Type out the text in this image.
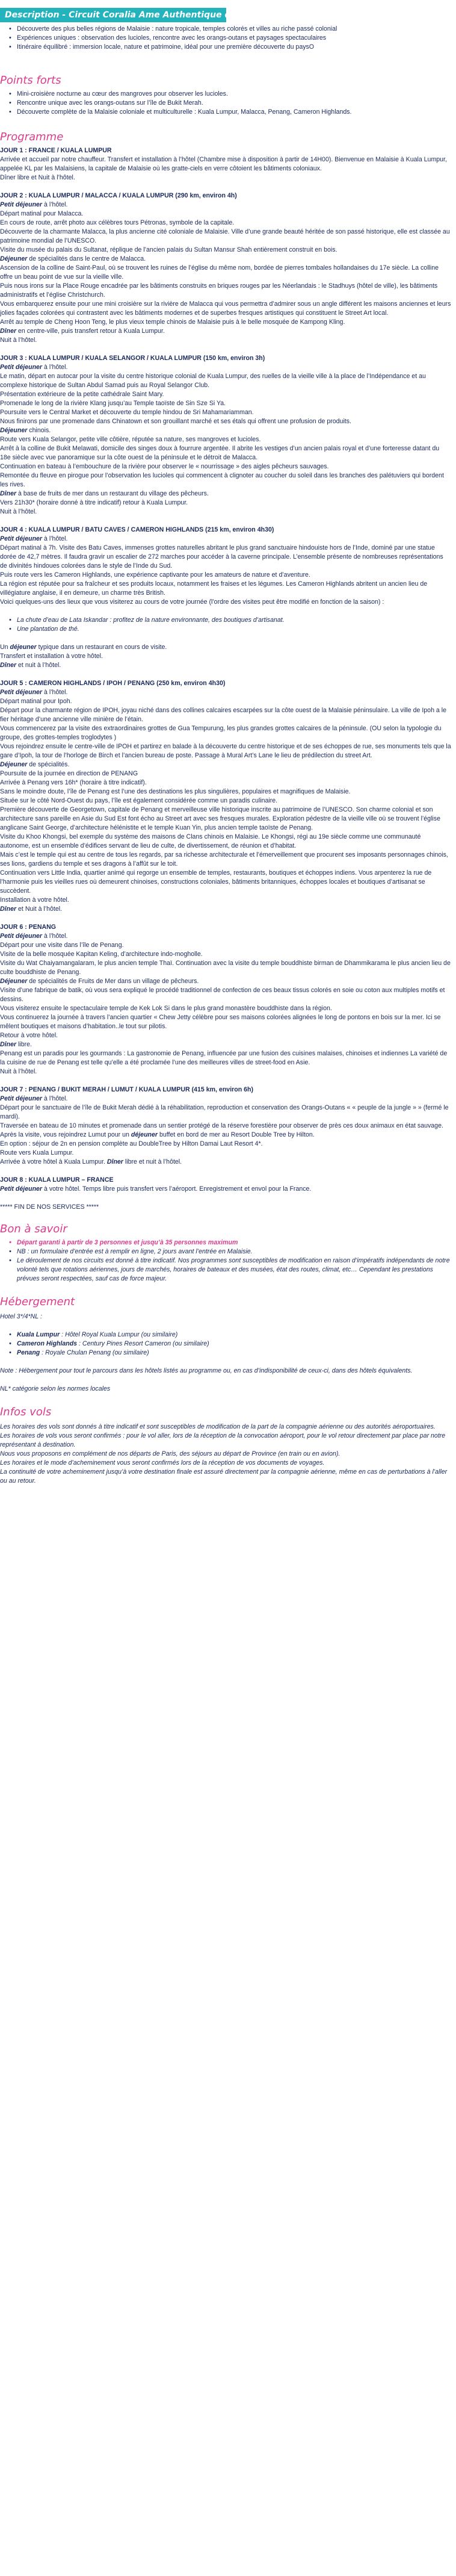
Description - Circuit Coralia Ame Authentique de la Malaisie
• Découverte des plus belles régions de Malaisie : nature tropicale, temples colorés et villes au riche passé colonial
• Expériences uniques : observation des lucioles, rencontre avec les orangs-outans et paysages spectaculaires
• Itinéraire équilibré : immersion locale, nature et patrimoine, idéal pour une première découverte du paysO
Points forts
• Mini-croisière nocturne au cœur des mangroves pour observer les lucioles.
• Rencontre unique avec les orangs-outans sur l’île de Bukit Merah.
• Découverte complète de la Malaisie coloniale et multiculturelle : Kuala Lumpur, Malacca, Penang, Cameron Highlands.
Programme

JOUR 1 : FRANCE / KUALA LUMPUR

Arrivée et accueil par notre chauffeur. Transfert et installation à l’hôtel (Chambre mise à disposition à partir de 14H00). Bienvenue en Malaisie à Kuala Lumpur, appelée KL par les Malaisiens, la capitale de Malaisie où les gratte-ciels en verre côtoient les bâtiments coloniaux.

Dîner libre et Nuit à l’hôtel.

JOUR 2 : KUALA LUMPUR / MALACCA / KUALA LUMPUR (290 km, environ 4h)

Petit déjeuner à l’hôtel.

Départ matinal pour Malacca.

En cours de route, arrêt photo aux célèbres tours Pétronas, symbole de la capitale.

Découverte de la charmante Malacca, la plus ancienne cité coloniale de Malaisie. Ville d’une grande beauté héritée de son passé historique, elle est classée au patrimoine mondial de l’UNESCO.

Visite du musée du palais du Sultanat, réplique de l’ancien palais du Sultan Mansur Shah entièrement construit en bois.

Déjeuner de spécialités dans le centre de Malacca.

Ascension de la colline de Saint-Paul, où se trouvent les ruines de l’église du même nom, bordée de pierres tombales hollandaises du 17e siècle. La colline offre un beau point de vue sur la vieille ville.

Puis nous irons sur la Place Rouge encadrée par les bâtiments construits en briques rouges par les Néerlandais : le Stadhuys (hôtel de ville), les bâtiments administratifs et l’église Christchurch.

Vous embarquerez ensuite pour une mini croisière sur la rivière de Malacca qui vous permettra d’admirer sous un angle différent les maisons anciennes et leurs jolies façades colorées qui contrastent avec les bâtiments modernes et de superbes fresques artistiques qui constituent le Street Art local.

Arrêt au temple de Cheng Hoon Teng, le plus vieux temple chinois de Malaisie puis à le belle mosquée de Kampong Kling.

Dîner en centre-ville, puis transfert retour à Kuala Lumpur.

Nuit à l’hôtel.

JOUR 3 : KUALA LUMPUR / KUALA SELANGOR / KUALA LUMPUR (150 km, environ 3h)

Petit déjeuner à l’hôtel.

Le matin, départ en autocar pour la visite du centre historique colonial de Kuala Lumpur, des ruelles de la vieille ville à la place de l’Indépendance et au complexe historique de Sultan Abdul Samad puis au Royal Selangor Club.

Présentation extérieure de la petite cathédrale Saint Mary.

Promenade le long de la rivière Klang jusqu’au Temple taoïste de Sin Sze Si Ya.

Poursuite vers le Central Market et découverte du temple hindou de Sri Mahamariamman.

Nous finirons par une promenade dans Chinatown et son grouillant marché et ses étals qui offrent une profusion de produits.

Déjeuner chinois.

Route vers Kuala Selangor, petite ville côtière, réputée sa nature, ses mangroves et lucioles.

Arrêt à la colline de Bukit Melawati, domicile des singes doux à fourrure argentée. Il abrite les vestiges d’un ancien palais royal et d’une forteresse datant du 18e siècle avec vue panoramique sur la côte ouest de la péninsule et le détroit de Malacca.

Continuation en bateau à l’embouchure de la rivière pour observer le « nourrissage » des aigles pêcheurs sauvages.

Remontée du fleuve en pirogue pour l’observation les lucioles qui commencent à clignoter au coucher du soleil dans les branches des palétuviers qui bordent les rives.

Dîner à base de fruits de mer dans un restaurant du village des pêcheurs.

Vers 21h30* (horaire donné à titre indicatif) retour à Kuala Lumpur.

Nuit à l’hôtel.

JOUR 4 : KUALA LUMPUR / BATU CAVES / CAMERON HIGHLANDS (215 km, environ 4h30)

Petit déjeuner à l’hôtel.

Départ matinal à 7h. Visite des Batu Caves, immenses grottes naturelles abritant le plus grand sanctuaire hindouiste hors de l’Inde, dominé par une statue dorée de 42,7 mètres. Il faudra gravir un escalier de 272 marches pour accéder à la caverne principale. L’ensemble présente de nombreuses représentations de divinités hindoues colorées dans le style de l’Inde du Sud.

Puis route vers les Cameron Highlands, une expérience captivante pour les amateurs de nature et d’aventure.

La région est réputée pour sa fraîcheur et ses produits locaux, notamment les fraises et les légumes. Les Cameron Highlands abritent un ancien lieu de villégiature anglaise, il en demeure, un charme très British.

Voici quelques-uns des lieux que vous visiterez au cours de votre journée (l’ordre des visites peut être modifié en fonction de la saison) :

• La chute d’eau de Lata Iskandar : profitez de la nature environnante, des boutiques d’artisanat.
• Une plantation de thé.

Un déjeuner typique dans un restaurant en cours de visite.

Transfert et installation à votre hôtel.

Dîner et nuit à l’hôtel.

JOUR 5 : CAMERON HIGHLANDS / IPOH / PENANG (250 km, environ 4h30)

Petit déjeuner à l’hôtel.

Départ matinal pour Ipoh.

Départ pour la charmante région de IPOH, joyau niché dans des collines calcaires escarpées sur la côte ouest de la Malaisie péninsulaire. La ville de Ipoh a le fier héritage d’une ancienne ville minière de l’étain.

Vous commencerez par la visite des extraordinaires grottes de Gua Tempurung, les plus grandes grottes calcaires de la péninsule. (OU selon la typologie du groupe, des grottes-temples troglodytes )

Vous rejoindrez ensuite le centre-ville de IPOH et partirez en balade à la découverte du centre historique et de ses échoppes de rue, ses monuments tels que la gare d’Ipoh, la tour de l’horloge de Birch et l’ancien bureau de poste. Passage à Mural Art’s Lane le lieu de prédilection du street Art.

Déjeuner de spécialités.

Poursuite de la journée en direction de PENANG

Arrivée à Penang vers 16h* (horaire à titre indicatif).

Sans le moindre doute, l’île de Penang est l’une des destinations les plus singulières, populaires et magnifiques de Malaisie.

Située sur le côté Nord-Ouest du pays, l’île est également considérée comme un paradis culinaire.

Première découverte de Georgetown, capitale de Penang et merveilleuse ville historique inscrite au patrimoine de l’UNESCO. Son charme colonial et son architecture sans pareille en Asie du Sud Est font écho au Street art avec ses fresques murales. Exploration pédestre de la vieille ville où se trouvent l’église anglicane Saint George, d’architecture hélénistite et le temple Kuan Yin, plus ancien temple taoïste de Penang.

Visite du Khoo Khongsi, bel exemple du système des maisons de Clans chinois en Malaisie. Le Khongsi, régi au 19e siècle comme une communauté autonome, est un ensemble d’édifices servant de lieu de culte, de divertissement, de réunion et d’habitat.

Mais c’est le temple qui est au centre de tous les regards, par sa richesse architecturale et l’émerveillement que procurent ses imposants personnages chinois, ses lions, gardiens du temple et ses dragons à l’affût sur le toit.

Continuation vers Little India, quartier animé qui regorge un ensemble de temples, restaurants, boutiques et échoppes indiens. Vous arpenterez la rue de l’harmonie puis les vieilles rues où demeurent chinoises, constructions coloniales, bâtiments britanniques, échoppes locales et boutiques d’artisanat se succèdent.

Installation à votre hôtel.

Dîner et Nuit à l’hôtel.

JOUR 6 : PENANG

Petit déjeuner à l’hôtel.

Départ pour une visite dans l’île de Penang.

Visite de la belle mosquée Kapitan Keling, d’architecture indo-mogholle.

Visite du Wat Chaiyamangalaram, le plus ancien temple Thaï. Continuation avec la visite du temple bouddhiste birman de Dhammikarama le plus ancien lieu de culte bouddhiste de Penang.

Déjeuner de spécialités de Fruits de Mer dans un village de pêcheurs.

Visite d’une fabrique de batik, où vous sera expliqué le procédé traditionnel de confection de ces beaux tissus colorés en soie ou coton aux multiples motifs et dessins.

Vous visiterez ensuite le spectaculaire temple de Kek Lok Si dans le plus grand monastère bouddhiste dans la région.

Vous continuerez la journée à travers l’ancien quartier « Chew Jetty célèbre pour ses maisons colorées alignées le long de pontons en bois sur la mer. Ici se mêlent boutiques et maisons d’habitation..le tout sur pilotis.

Retour à votre hôtel.

Dîner libre.

Penang est un paradis pour les gourmands : La gastronomie de Penang, influencée par une fusion des cuisines malaises, chinoises et indiennes La variété de la cuisine de rue de Penang est telle qu’elle a été proclamée l’une des meilleures villes de street-food en Asie.

Nuit à l’hôtel.

JOUR 7 : PENANG / BUKIT MERAH / LUMUT / KUALA LUMPUR (415 km, environ 6h)

Petit déjeuner à l’hôtel.

Départ pour le sanctuaire de l’île de Bukit Merah dédié à la réhabilitation, reproduction et conservation des Orangs-Outans « « peuple de la jungle » » (fermé le mardi).

Traversée en bateau de 10 minutes et promenade dans un sentier protégé de la réserve forestière pour observer de près ces doux animaux en état sauvage.

Après la visite, vous rejoindrez Lumut pour un déjeuner buffet en bord de mer au Resort Double Tree by Hilton.

En option : séjour de 2n en pension complète au DoubleTree by Hilton Damai Laut Resort 4*.

Route vers Kuala Lumpur.

Arrivée à votre hôtel à Kuala Lumpur. Dîner libre et nuit à l’hôtel.

JOUR 8 : KUALA LUMPUR – FRANCE

Petit déjeuner à votre hôtel. Temps libre puis transfert vers l’aéroport. Enregistrement et envol pour la France.

***** FIN DE NOS SERVICES *****

Bon à savoir
• Départ garanti à partir de 3 personnes et jusqu’à 35 personnes maximum
• NB : un formulaire d’entrée est à remplir en ligne, 2 jours avant l’entrée en Malaisie.
• Le déroulement de nos circuits est donné à titre indicatif. Nos programmes sont susceptibles de modification en raison d’impératifs indépendants de notre volonté tels que rotations aériennes, jours de marchés, horaires de bateaux et des musées, état des routes, climat, etc… Cependant les prestations prévues seront respectées, sauf cas de force majeur.
Hébergement

Hotel 3*/4*NL :

• Kuala Lumpur : Hôtel Royal Kuala Lumpur (ou similaire)
• Cameron Highlands : Century Pines Resort Cameron (ou similaire)
• Penang : Royale Chulan Penang (ou similaire)

Note : Hébergement pour tout le parcours dans les hôtels listés au programme ou, en cas d’indisponibilité de ceux-ci, dans des hôtels équivalents.

NL* catégorie selon les normes locales

Infos vols

Les horaires des vols sont donnés à titre indicatif et sont susceptibles de modification de la part de la compagnie aérienne ou des autorités aéroportuaires.

Les horaires de vols vous seront confirmés : pour le vol aller, lors de la réception de la convocation aéroport, pour le vol retour directement par place par notre représentant à destination.

Nous vous proposons en complément de nos départs de Paris, des séjours au départ de Province (en train ou en avion).

Les horaires et le mode d’acheminement vous seront confirmés lors de la réception de vos documents de voyages.

La continuité de votre acheminement jusqu’à votre destination finale est assuré directement par la compagnie aérienne, même en cas de perturbations à l’aller ou au retour.
